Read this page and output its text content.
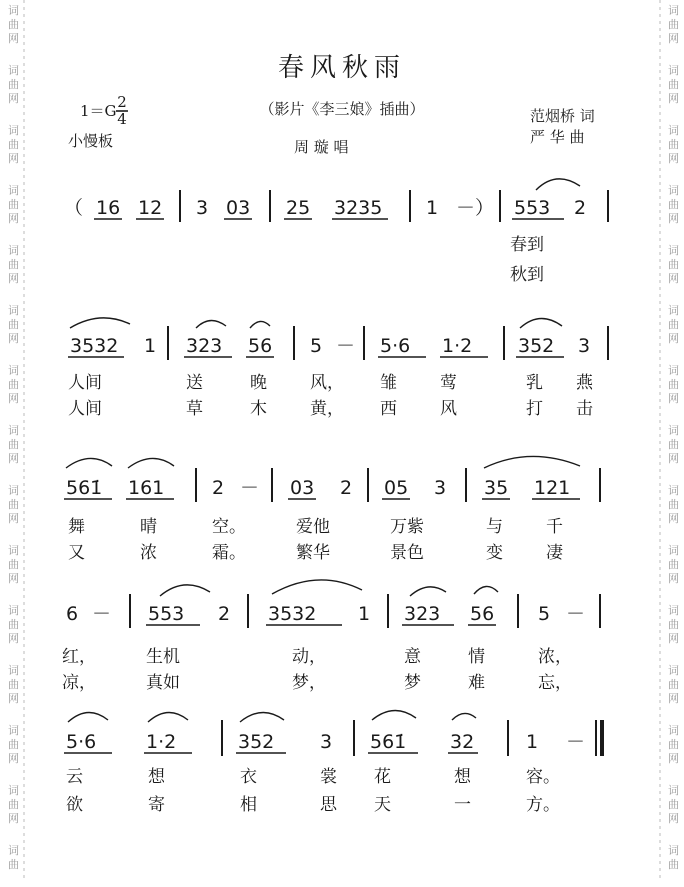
词
曲
网
词
曲
网
词
曲
网
词
曲
网
词
曲
网
词
曲
网
词
曲
网
词
曲
网
词
曲
网
词
曲
网
词
曲
网
词
曲
网
词
曲
网
词
曲
网
词
曲
词
曲
网
词
曲
网
词
曲
网
词
曲
网
词
曲
网
词
曲
网
词
曲
网
词
曲
网
词
曲
网
词
曲
网
词
曲
网
词
曲
网
词
曲
网
词
曲
网
词
曲
春风秋雨
（影片《李三娘》插曲）
1＝G 2
4
小慢板	周 璇 唱
范烟桥 词
严 华 曲
（ 16 12 3 03 25 3235 1 －） 553 2
春到
秋到
3532 1 323 56 5 － 5·6 1·2 352 3
人间	送	晚	风， 雏	莺	乳 燕
人间	草	木	黄， 西	风	打 击
561̇ 161	2 － 03 2 05 3 35 121
舞	晴	空。	爱他	万紫	与	千
又	浓	霜。	繁华	景色	变	凄
6 － 553 2 3532 1 323 56 5 －
红，	生机	动，	意	情	浓，
凉，	真如	梦，	梦	难	忘，
5·6	1·2	352 3 561̇ 32	1 －
云	想	衣	裳 花	想	容。
欲	寄	相	思 天	一	方。
